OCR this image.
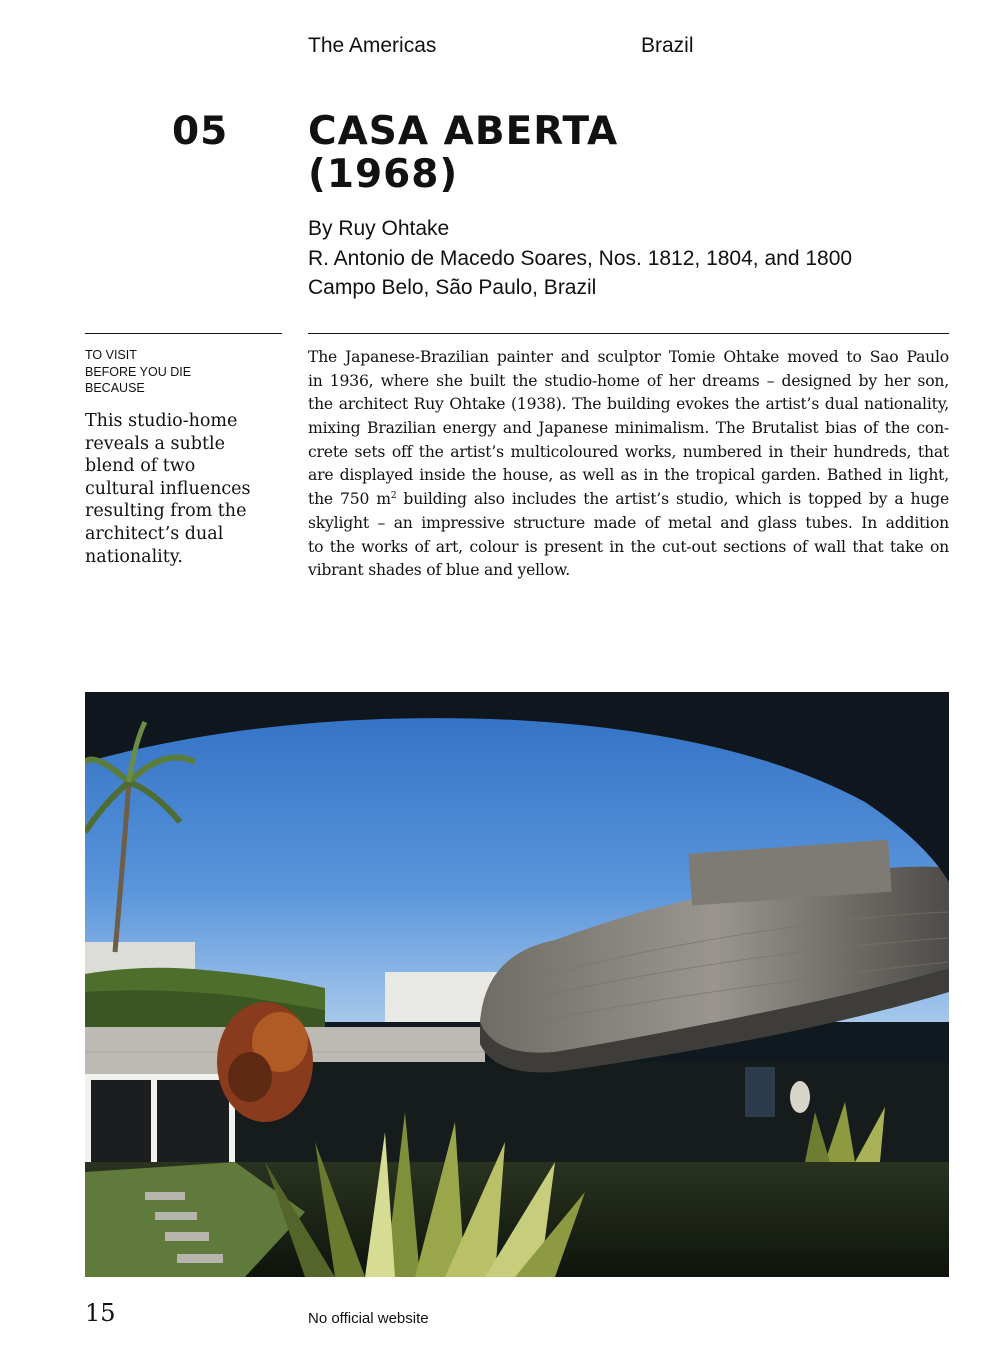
The Americas	Brazil
05 CASA ABERTA
(1968)
By Ruy Ohtake
R. Antonio de Macedo Soares, Nos. 1812, 1804, and 1800
Campo Belo, São Paulo, Brazil
TO VISIT
BEFORE YOU DIE
BECAUSE
This studio-home
reveals a subtle
blend of two
cultural influences
resulting from the
architect’s dual
nationality.
The Japanese-Brazilian painter and sculptor Tomie Ohtake moved to Sao Paulo
in 1936, where she built the studio-home of her dreams – designed by her son,
the architect Ruy Ohtake (1938). The building evokes the artist’s dual nationality,
mixing Brazilian energy and Japanese minimalism. The Brutalist bias of the con-
crete sets off the artist’s multicoloured works, numbered in their hundreds, that
are displayed inside the house, as well as in the tropical garden. Bathed in light,
the 750 $m^2$ building also includes the artist’s studio, which is topped by a huge
skylight – an impressive structure made of metal and glass tubes. In addition
to the works of art, colour is present in the cut-out sections of wall that take on
vibrant shades of blue and yellow.
15	No official website
